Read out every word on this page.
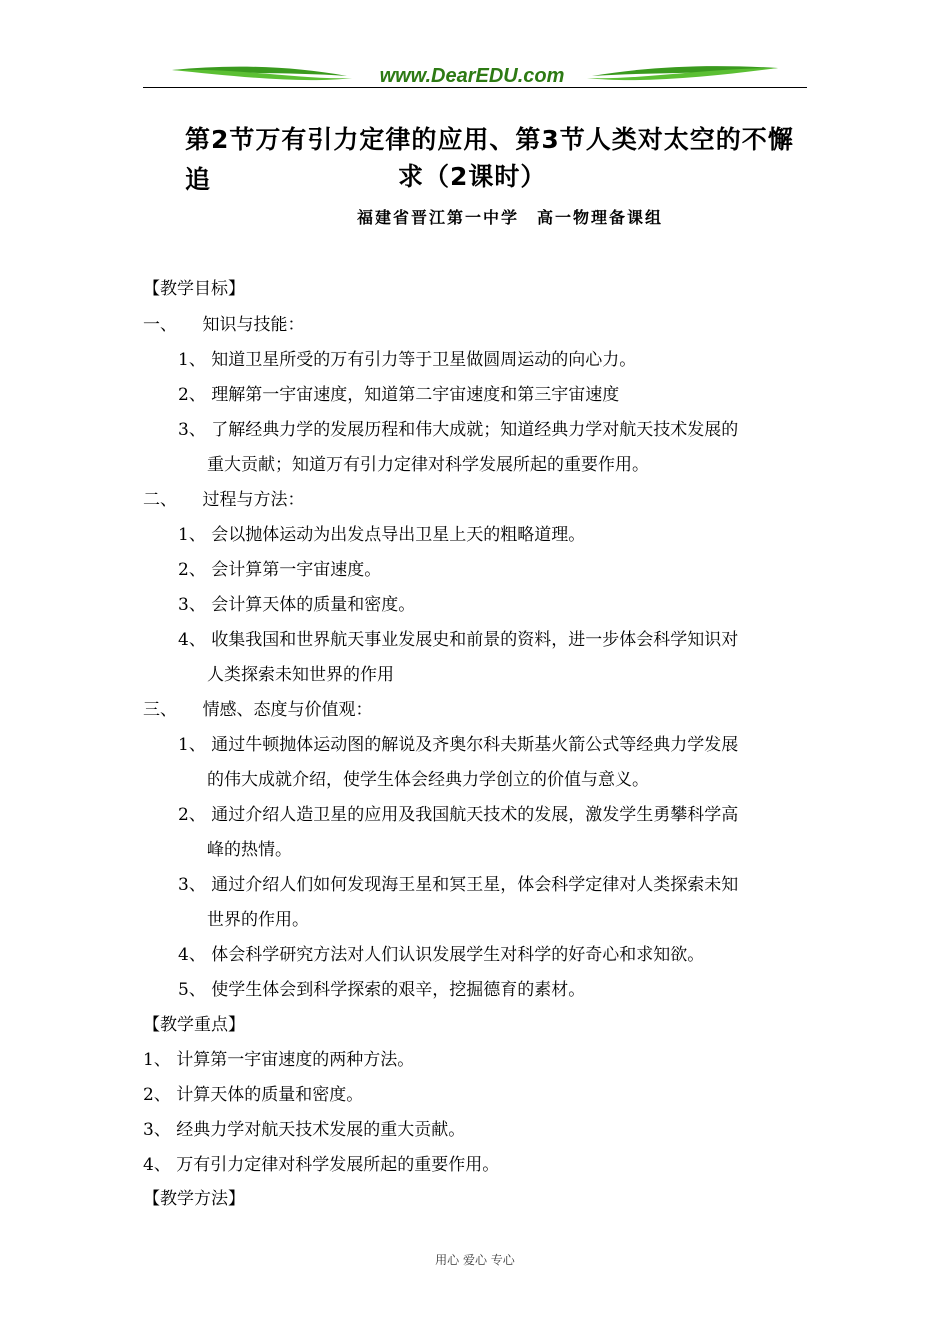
www.DearEDU.com
第2节万有引力定律的应用、第3节人类对太空的不懈追	求（2课时）
福建省晋江第一中学　高一物理备课组
【教学目标】
一、　　知识与技能：
1、 知道卫星所受的万有引力等于卫星做圆周运动的向心力。
2、 理解第一宇宙速度，知道第二宇宙速度和第三宇宙速度
3、 了解经典力学的发展历程和伟大成就；知道经典力学对航天技术发展的
重大贡献；知道万有引力定律对科学发展所起的重要作用。
二、　　过程与方法：
1、 会以抛体运动为出发点导出卫星上天的粗略道理。
2、 会计算第一宇宙速度。
3、 会计算天体的质量和密度。
4、 收集我国和世界航天事业发展史和前景的资料，进一步体会科学知识对
人类探索未知世界的作用
三、　　情感、态度与价值观：
1、 通过牛顿抛体运动图的解说及齐奥尔科夫斯基火箭公式等经典力学发展
的伟大成就介绍，使学生体会经典力学创立的价值与意义。
2、 通过介绍人造卫星的应用及我国航天技术的发展，激发学生勇攀科学高
峰的热情。
3、 通过介绍人们如何发现海王星和冥王星，体会科学定律对人类探索未知
世界的作用。
4、 体会科学研究方法对人们认识发展学生对科学的好奇心和求知欲。
5、 使学生体会到科学探索的艰辛，挖掘德育的素材。
【教学重点】
1、 计算第一宇宙速度的两种方法。
2、 计算天体的质量和密度。
3、 经典力学对航天技术发展的重大贡献。
4、 万有引力定律对科学发展所起的重要作用。
【教学方法】
用心 爱心 专心
